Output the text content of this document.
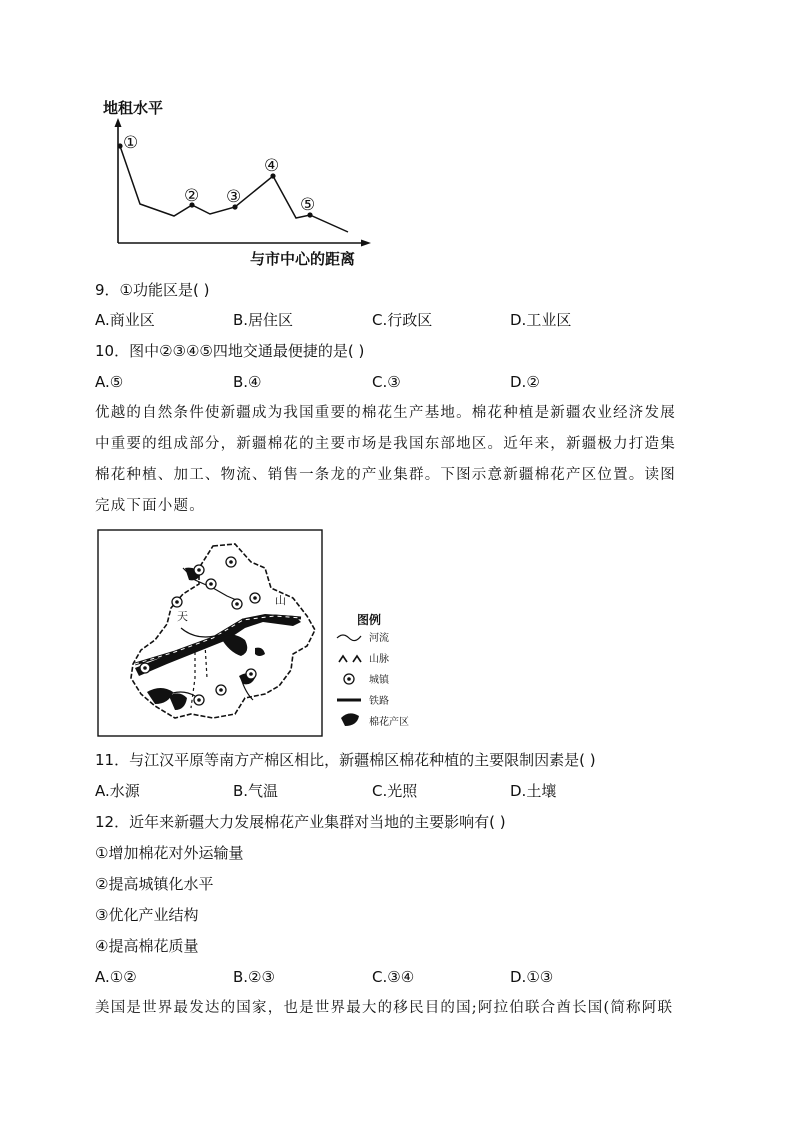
地租水平
①
② ③
④
⑤
与市中心的距离
9．①功能区是( )
A.商业区	B.居住区	C.行政区	D.工业区
10．图中②③④⑤四地交通最便捷的是( )
A.⑤	B.④	C.③	D.②
优越的自然条件使新疆成为我国重要的棉花生产基地。棉花种植是新疆农业经济发展
中重要的组成部分，新疆棉花的主要市场是我国东部地区。近年来，新疆极力打造集
棉花种植、加工、物流、销售一条龙的产业集群。下图示意新疆棉花产区位置。读图
完成下面小题。
天
山
图例
河流
山脉
城镇
铁路
棉花产区
11．与江汉平原等南方产棉区相比，新疆棉区棉花种植的主要限制因素是( )
A.水源	B.气温	C.光照	D.土壤
12．近年来新疆大力发展棉花产业集群对当地的主要影响有( )
①增加棉花对外运输量
②提高城镇化水平
③优化产业结构
④提高棉花质量
A.①②	B.②③	C.③④	D.①③
美国是世界最发达的国家，也是世界最大的移民目的国;阿拉伯联合酋长国(简称阿联
